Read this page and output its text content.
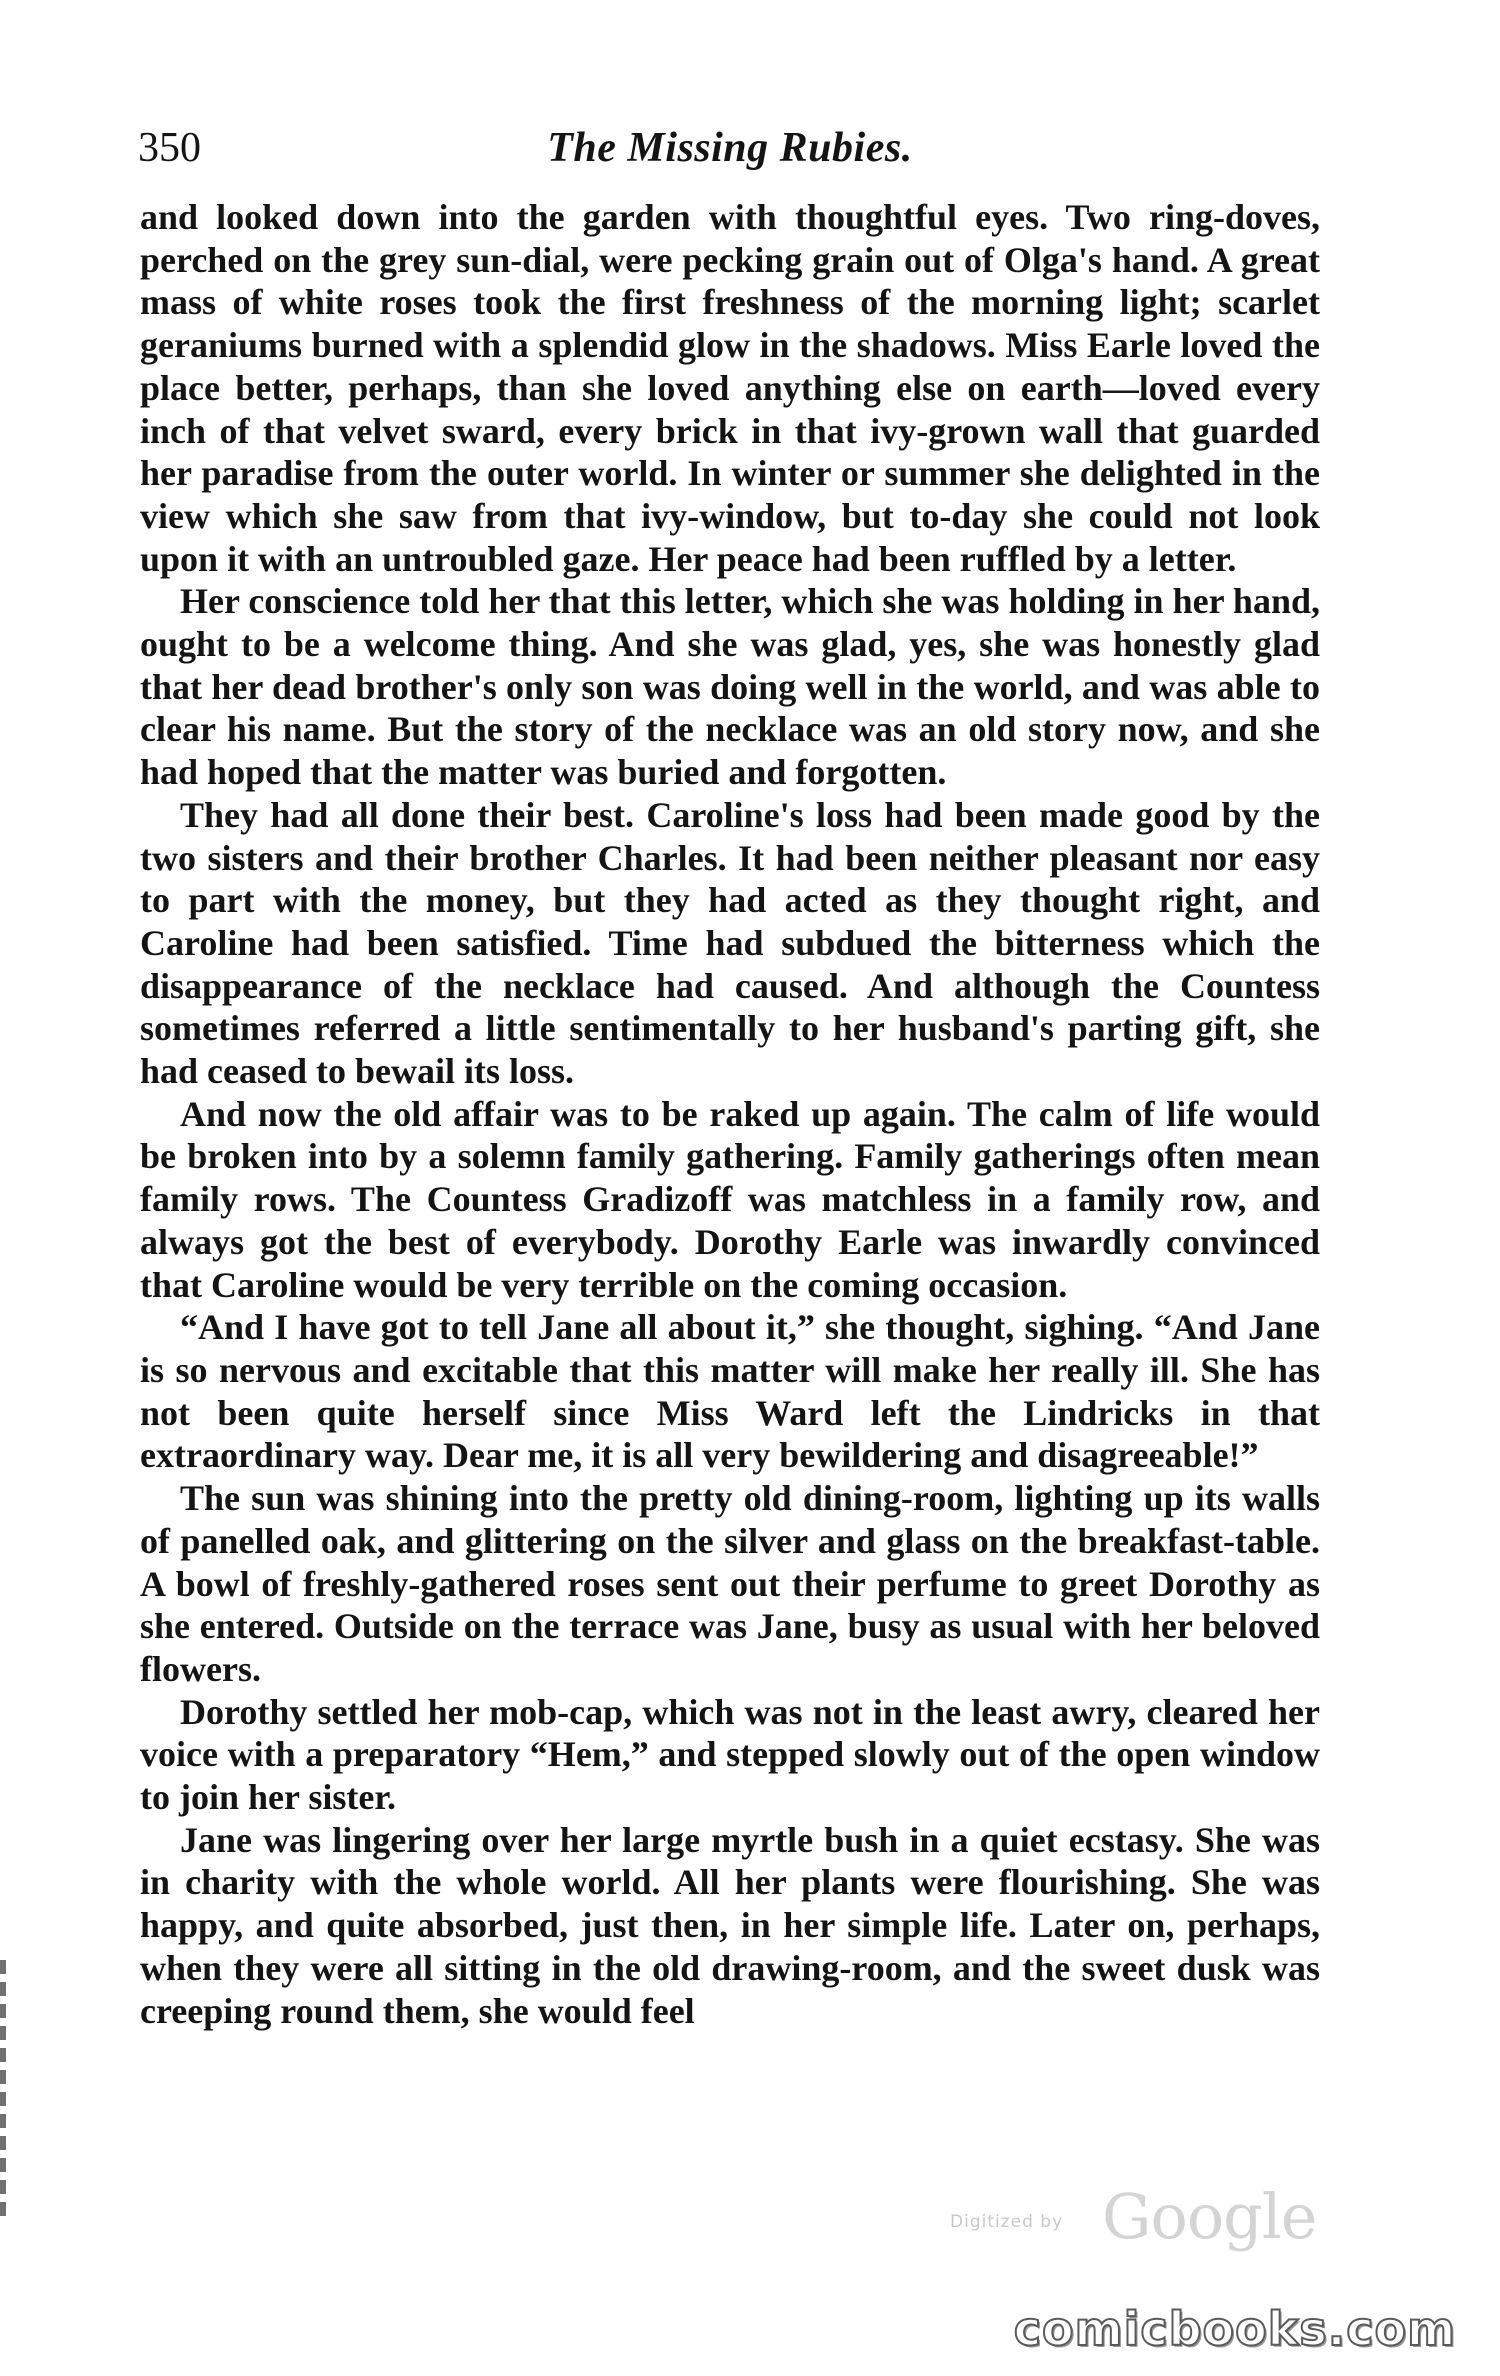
350	The Missing Rubies.

and looked down into the garden with thoughtful eyes. Two ring-doves, perched on the grey sun-dial, were pecking grain out of Olga's hand. A great mass of white roses took the first freshness of the morning light; scarlet geraniums burned with a splendid glow in the shadows. Miss Earle loved the place better, perhaps, than she loved anything else on earth—loved every inch of that velvet sward, every brick in that ivy-grown wall that guarded her paradise from the outer world. In winter or summer she delighted in the view which she saw from that ivy-window, but to-day she could not look upon it with an untroubled gaze. Her peace had been ruffled by a letter.

Her conscience told her that this letter, which she was holding in her hand, ought to be a welcome thing. And she was glad, yes, she was honestly glad that her dead brother's only son was doing well in the world, and was able to clear his name. But the story of the necklace was an old story now, and she had hoped that the matter was buried and forgotten.

They had all done their best. Caroline's loss had been made good by the two sisters and their brother Charles. It had been neither pleasant nor easy to part with the money, but they had acted as they thought right, and Caroline had been satisfied. Time had subdued the bitterness which the disappearance of the necklace had caused. And although the Countess sometimes referred a little sentimentally to her husband's parting gift, she had ceased to bewail its loss.

And now the old affair was to be raked up again. The calm of life would be broken into by a solemn family gathering. Family gatherings often mean family rows. The Countess Gradizoff was matchless in a family row, and always got the best of everybody. Dorothy Earle was inwardly convinced that Caroline would be very terrible on the coming occasion.

“And I have got to tell Jane all about it,” she thought, sighing. “And Jane is so nervous and excitable that this matter will make her really ill. She has not been quite herself since Miss Ward left the Lindricks in that extraordinary way. Dear me, it is all very bewildering and disagreeable!”

The sun was shining into the pretty old dining-room, lighting up its walls of panelled oak, and glittering on the silver and glass on the breakfast-table. A bowl of freshly-gathered roses sent out their perfume to greet Dorothy as she entered. Outside on the terrace was Jane, busy as usual with her beloved flowers.

Dorothy settled her mob-cap, which was not in the least awry, cleared her voice with a preparatory “Hem,” and stepped slowly out of the open window to join her sister.

Jane was lingering over her large myrtle bush in a quiet ecstasy. She was in charity with the whole world. All her plants were flourishing. She was happy, and quite absorbed, just then, in her simple life. Later on, perhaps, when they were all sitting in the old drawing-room, and the sweet dusk was creeping round them, she would feel

Digitized by Google
comicbooks.com
